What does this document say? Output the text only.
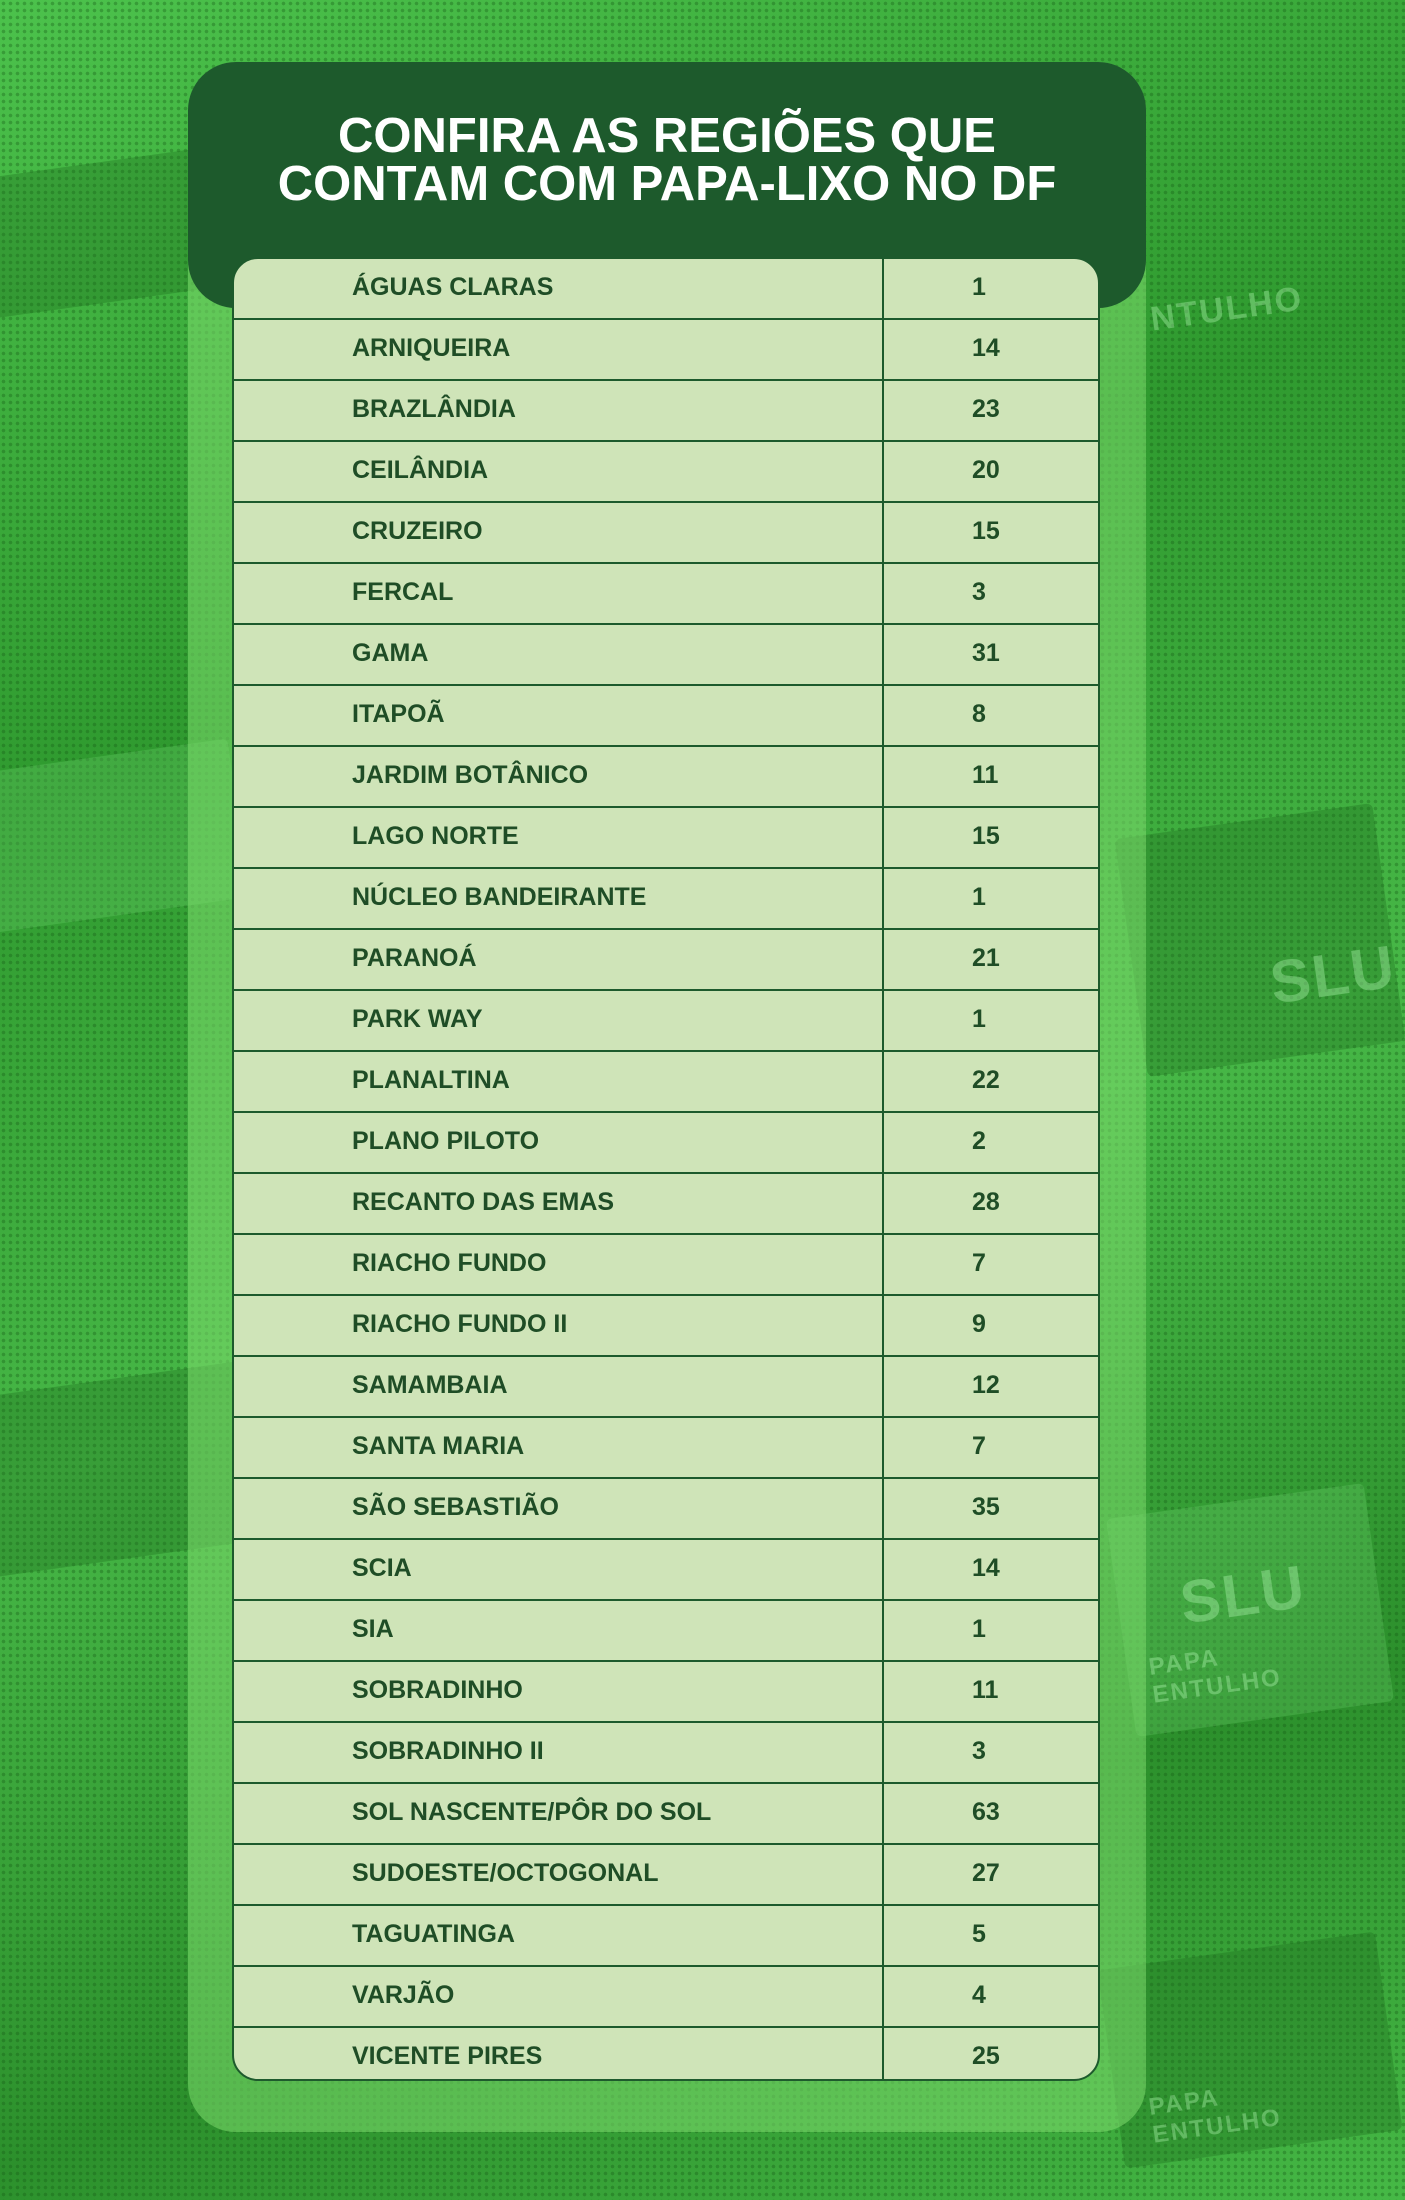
NTULHO
PAPA ENTULHO
PAPA ENTULHO
SLU
SLU
CONFIRA AS REGIÕES QUE
CONTAM COM PAPA-LIXO NO DF
ÁGUAS CLARAS	1
ARNIQUEIRA	14
BRAZLÂNDIA	23
CEILÂNDIA	20
CRUZEIRO	15
FERCAL	3
GAMA	31
ITAPOÃ	8
JARDIM BOTÂNICO	11
LAGO NORTE	15
NÚCLEO BANDEIRANTE	1
PARANOÁ	21
PARK WAY	1
PLANALTINA	22
PLANO PILOTO	2
RECANTO DAS EMAS	28
RIACHO FUNDO	7
RIACHO FUNDO II	9
SAMAMBAIA	12
SANTA MARIA	7
SÃO SEBASTIÃO	35
SCIA	14
SIA	1
SOBRADINHO	11
SOBRADINHO II	3
SOL NASCENTE/PÔR DO SOL	63
SUDOESTE/OCTOGONAL	27
TAGUATINGA	5
VARJÃO	4
VICENTE PIRES	25
